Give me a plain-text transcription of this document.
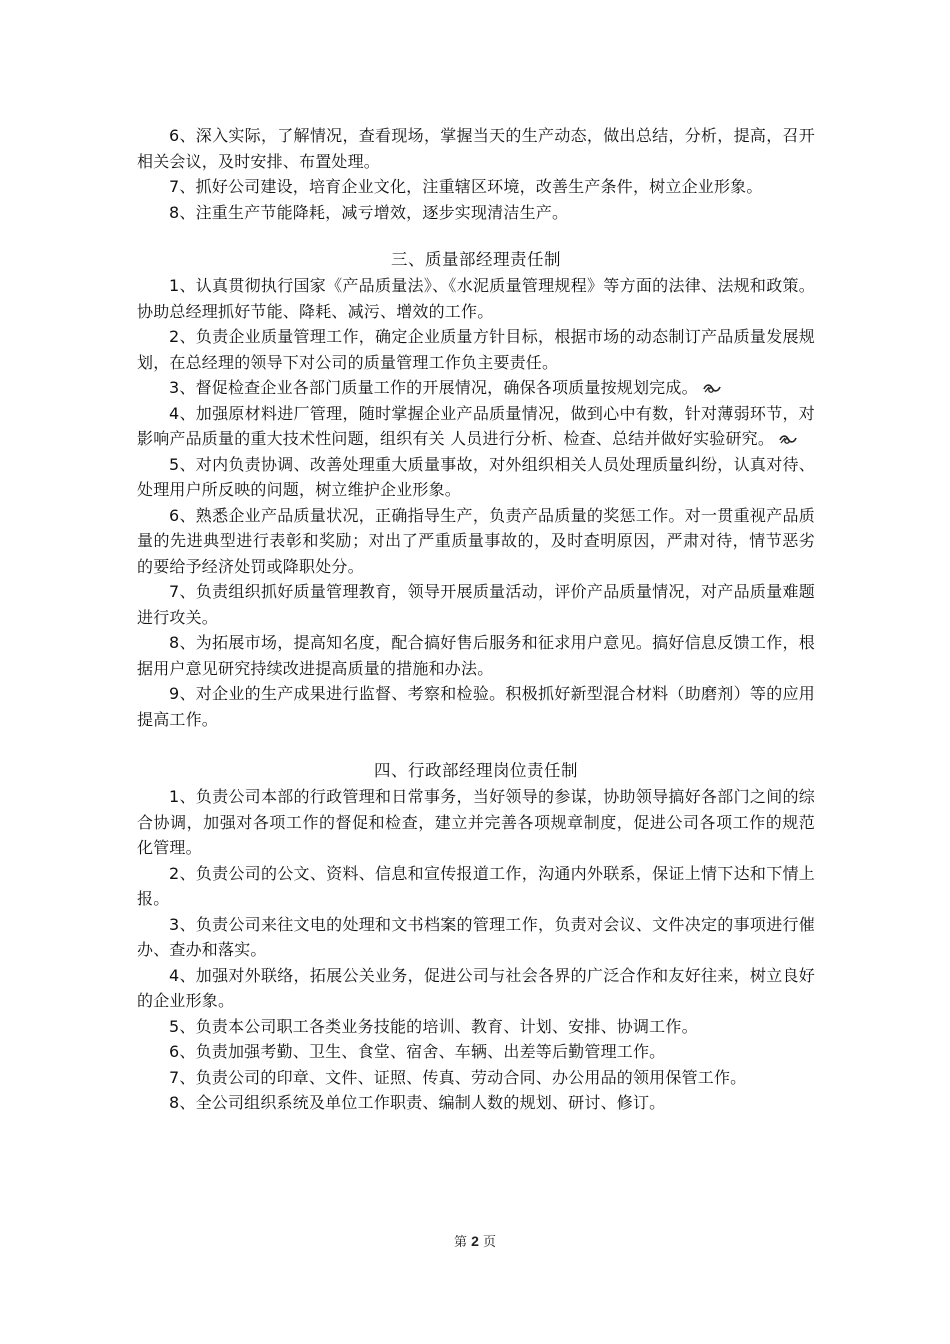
6、深入实际，了解情况，查看现场，掌握当天的生产动态，做出总结，分析，提高，召开相关会议，及时安排、布置处理。

7、抓好公司建设，培育企业文化，注重辖区环境，改善生产条件，树立企业形象。

8、注重生产节能降耗，减亏增效，逐步实现清洁生产。

三、质量部经理责任制

1、认真贯彻执行国家《产品质量法》、《水泥质量管理规程》等方面的法律、法规和政策。协助总经理抓好节能、降耗、减污、增效的工作。

2、负责企业质量管理工作，确定企业质量方针目标，根据市场的动态制订产品质量发展规划，在总经理的领导下对公司的质量管理工作负主要责任。

3、督促检查企业各部门质量工作的开展情况，确保各项质量按规划完成。

4、加强原材料进厂管理，随时掌握企业产品质量情况，做到心中有数，针对薄弱环节，对影响产品质量的重大技术性问题，组织有关 人员进行分析、检查、总结并做好实验研究。

5、对内负责协调、改善处理重大质量事故，对外组织相关人员处理质量纠纷，认真对待、处理用户所反映的问题，树立维护企业形象。

6、熟悉企业产品质量状况，正确指导生产，负责产品质量的奖惩工作。对一贯重视产品质量的先进典型进行表彰和奖励；对出了严重质量事故的，及时查明原因，严肃对待，情节恶劣的要给予经济处罚或降职处分。

7、负责组织抓好质量管理教育，领导开展质量活动，评价产品质量情况，对产品质量难题进行攻关。

8、为拓展市场，提高知名度，配合搞好售后服务和征求用户意见。搞好信息反馈工作，根据用户意见研究持续改进提高质量的措施和办法。

9、对企业的生产成果进行监督、考察和检验。积极抓好新型混合材料（助磨剂）等的应用提高工作。

四、行政部经理岗位责任制

1、负责公司本部的行政管理和日常事务，当好领导的参谋，协助领导搞好各部门之间的综合协调，加强对各项工作的督促和检查，建立并完善各项规章制度，促进公司各项工作的规范化管理。

2、负责公司的公文、资料、信息和宣传报道工作，沟通内外联系，保证上情下达和下情上报。

3、负责公司来往文电的处理和文书档案的管理工作，负责对会议、文件决定的事项进行催办、查办和落实。

4、加强对外联络，拓展公关业务，促进公司与社会各界的广泛合作和友好往来，树立良好的企业形象。

5、负责本公司职工各类业务技能的培训、教育、计划、安排、协调工作。

6、负责加强考勤、卫生、食堂、宿舍、车辆、出差等后勤管理工作。

7、负责公司的印章、文件、证照、传真、劳动合同、办公用品的领用保管工作。

8、全公司组织系统及单位工作职责、编制人数的规划、研讨、修订。

第 2 页
